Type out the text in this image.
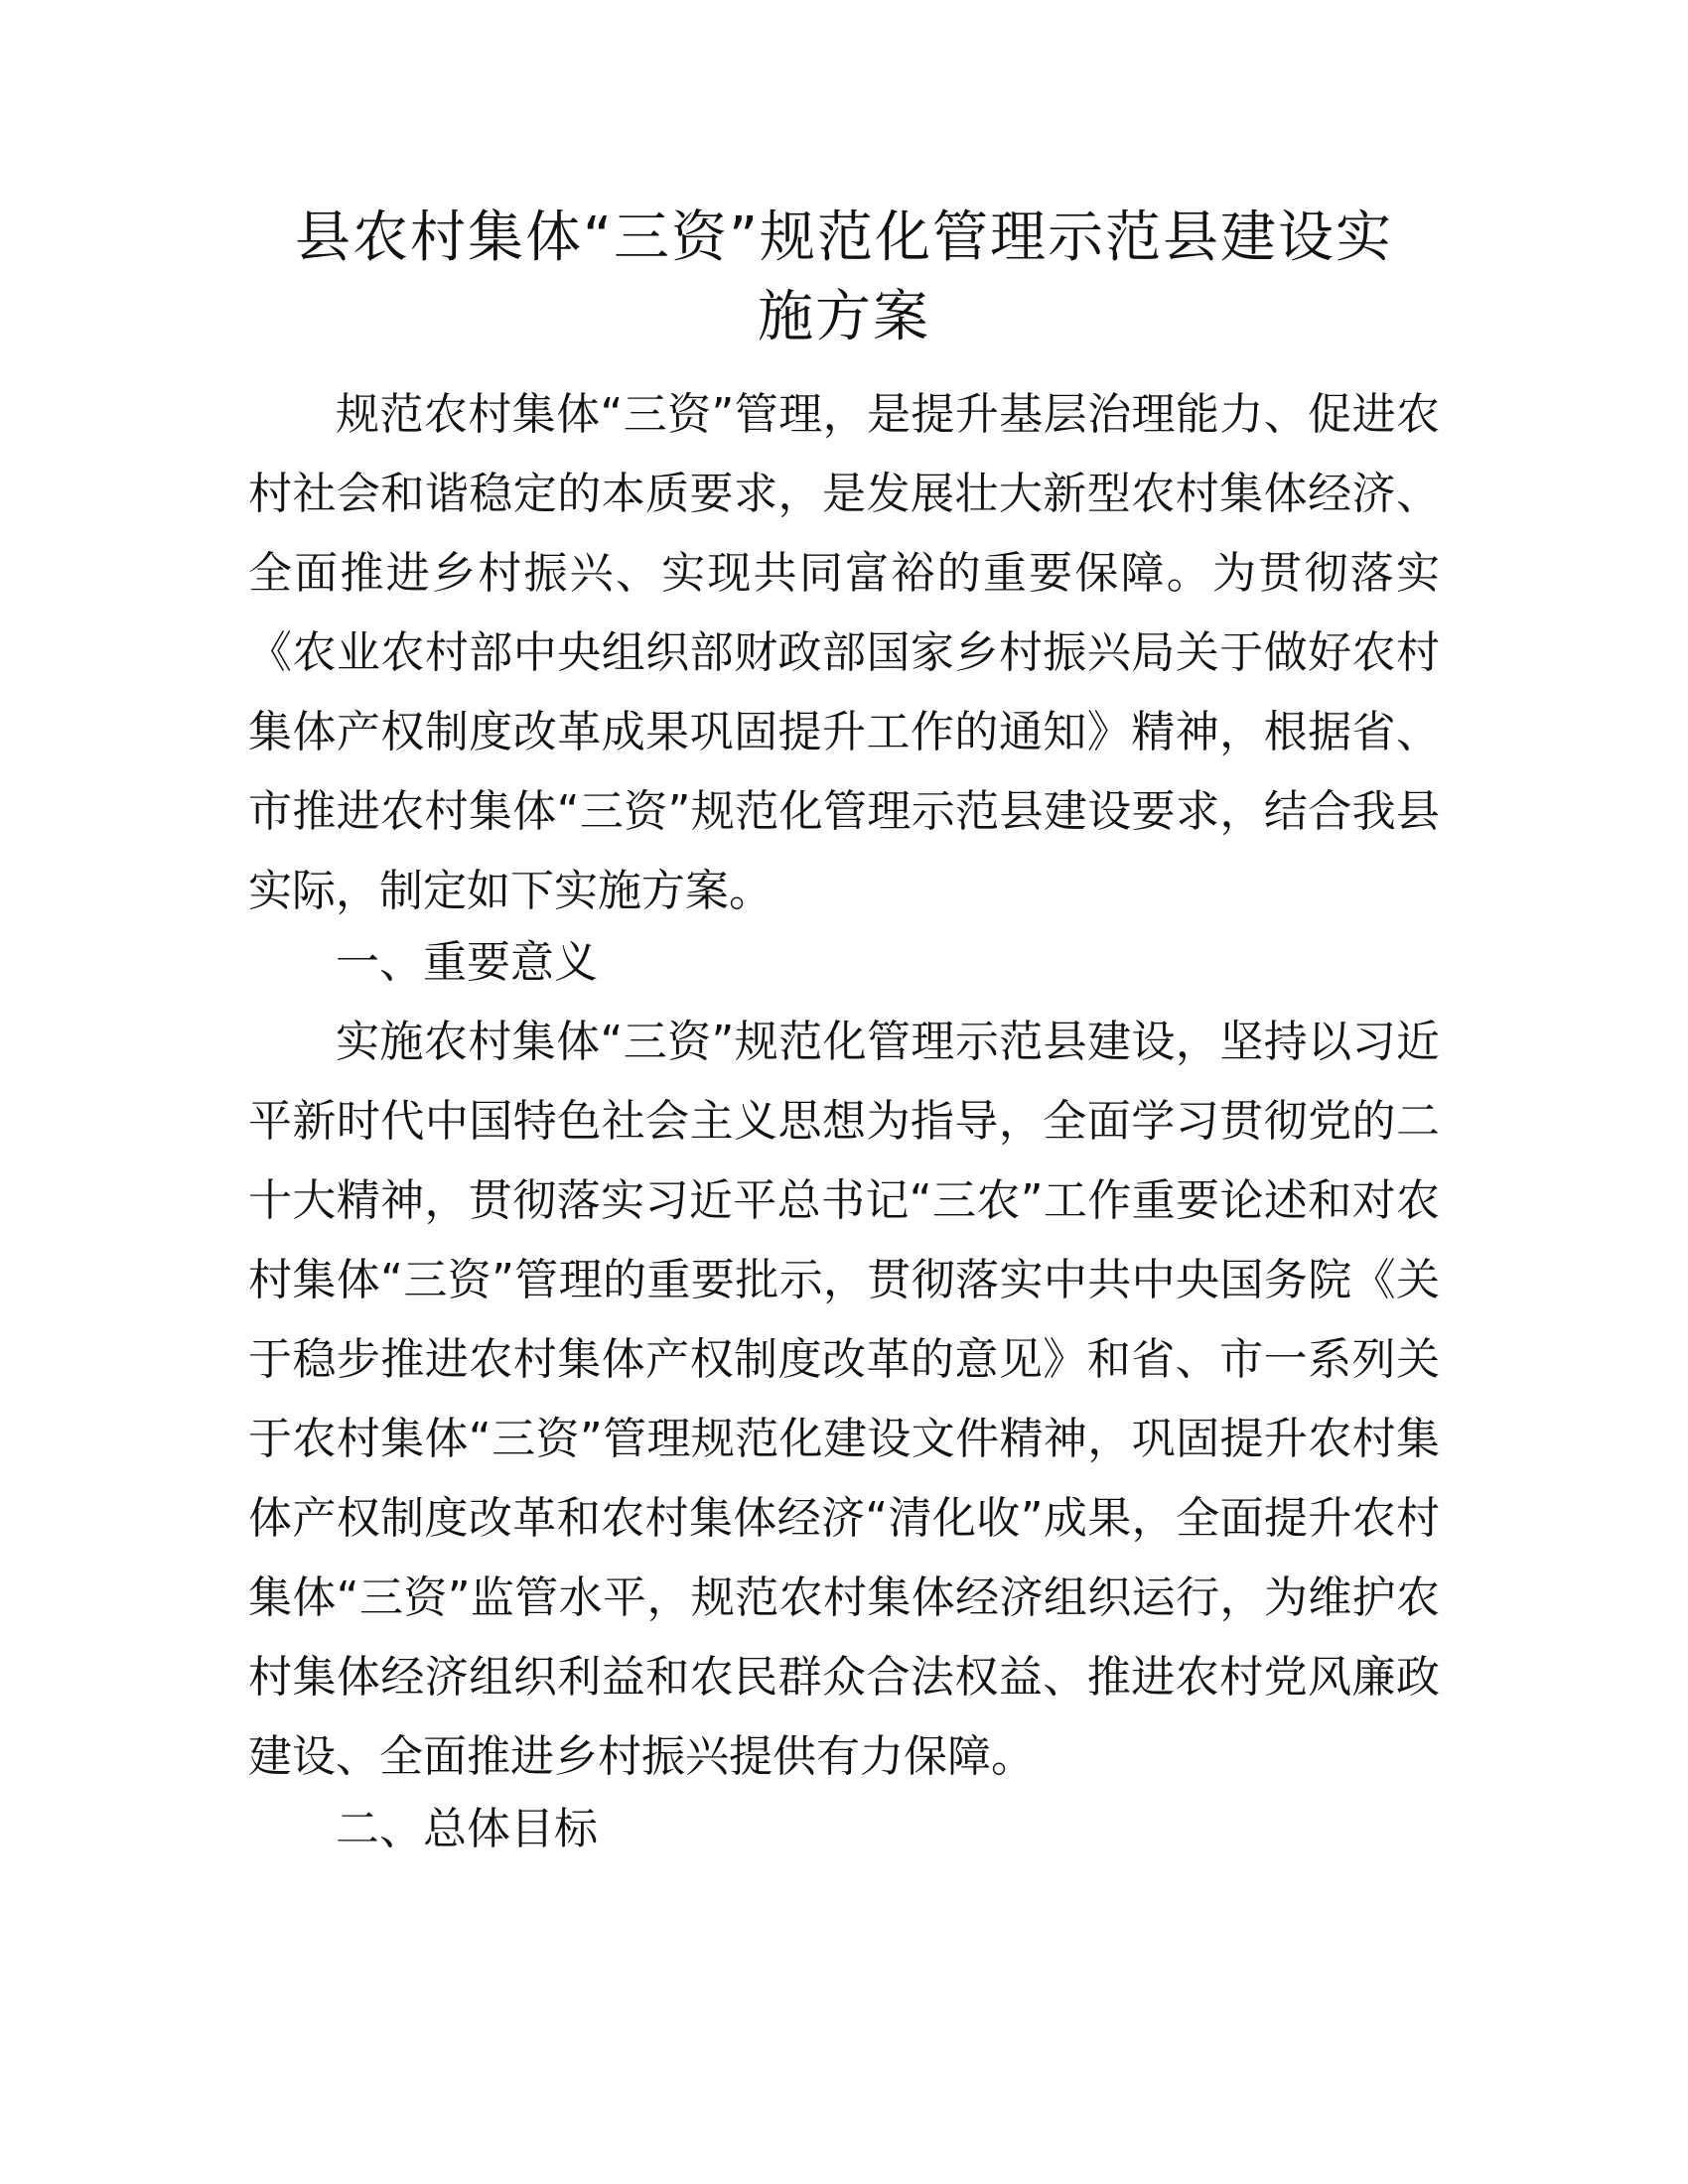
县农村集体“三资”规范化管理示范县建设实
施方案

规范农村集体“三资”管理，是提升基层治理能力、促进农村社会和谐稳定的本质要求，是发展壮大新型农村集体经济、全面推进乡村振兴、实现共同富裕的重要保障。为贯彻落实《农业农村部中央组织部财政部国家乡村振兴局关于做好农村集体产权制度改革成果巩固提升工作的通知》精神，根据省、市推进农村集体“三资”规范化管理示范县建设要求，结合我县实际，制定如下实施方案。

一、重要意义

实施农村集体“三资”规范化管理示范县建设，坚持以习近平新时代中国特色社会主义思想为指导，全面学习贯彻党的二十大精神，贯彻落实习近平总书记“三农”工作重要论述和对农村集体“三资”管理的重要批示，贯彻落实中共中央国务院《关于稳步推进农村集体产权制度改革的意见》和省、市一系列关于农村集体“三资”管理规范化建设文件精神，巩固提升农村集体产权制度改革和农村集体经济“清化收”成果，全面提升农村集体“三资”监管水平，规范农村集体经济组织运行，为维护农村集体经济组织利益和农民群众合法权益、推进农村党风廉政建设、全面推进乡村振兴提供有力保障。

二、总体目标
